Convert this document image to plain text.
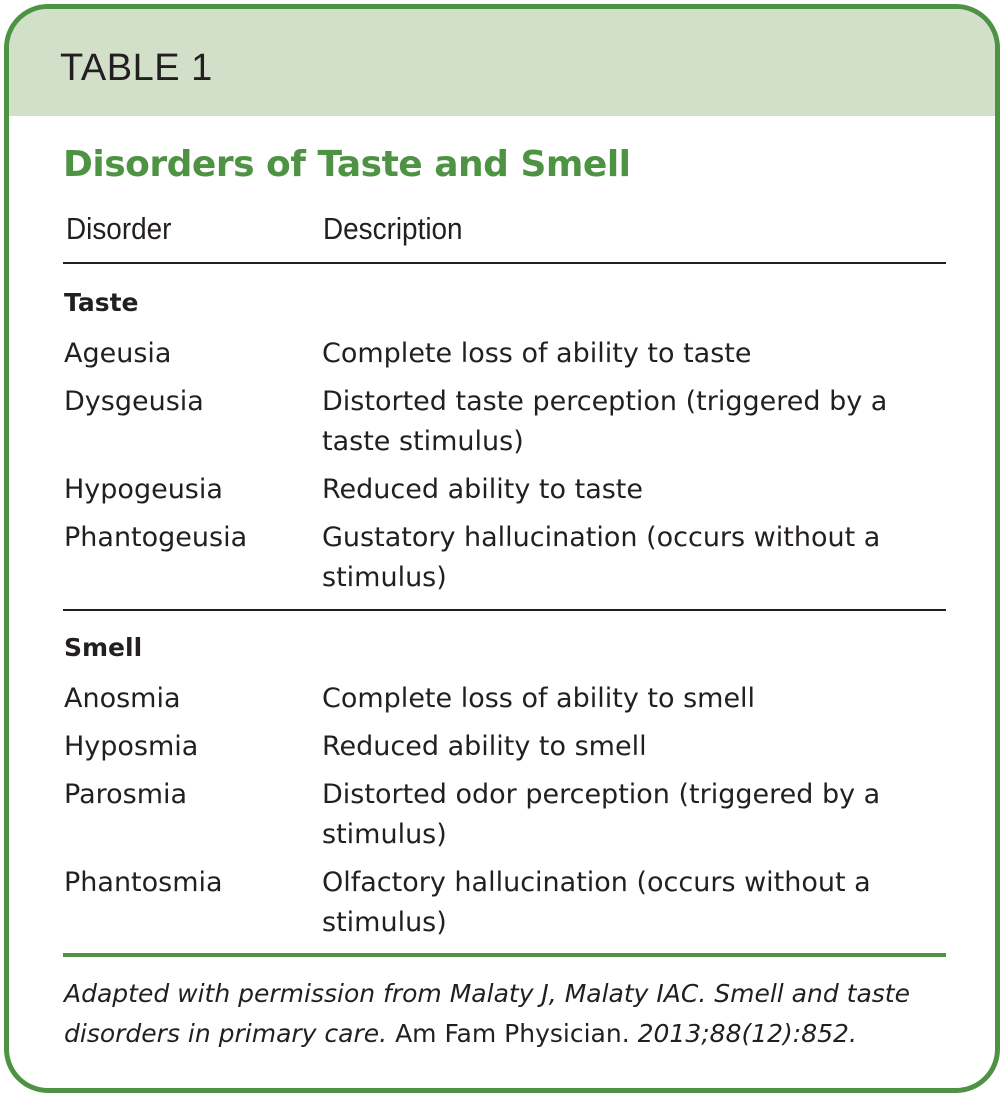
TABLE 1
Disorders of Taste and Smell
Disorder	Description
Taste
Ageusia	Complete loss of ability to taste
Dysgeusia	Distorted taste perception (triggered by a
taste stimulus)
Hypogeusia	Reduced ability to taste
Phantogeusia	Gustatory hallucination (occurs without a
stimulus)
Smell
Anosmia	Complete loss of ability to smell
Hyposmia	Reduced ability to smell
Parosmia	Distorted odor perception (triggered by a
stimulus)
Phantosmia	Olfactory hallucination (occurs without a
stimulus)
Adapted with permission from Malaty J, Malaty IAC. Smell and taste disorders in primary care. Am Fam Physician. 2013;88(12):852.
